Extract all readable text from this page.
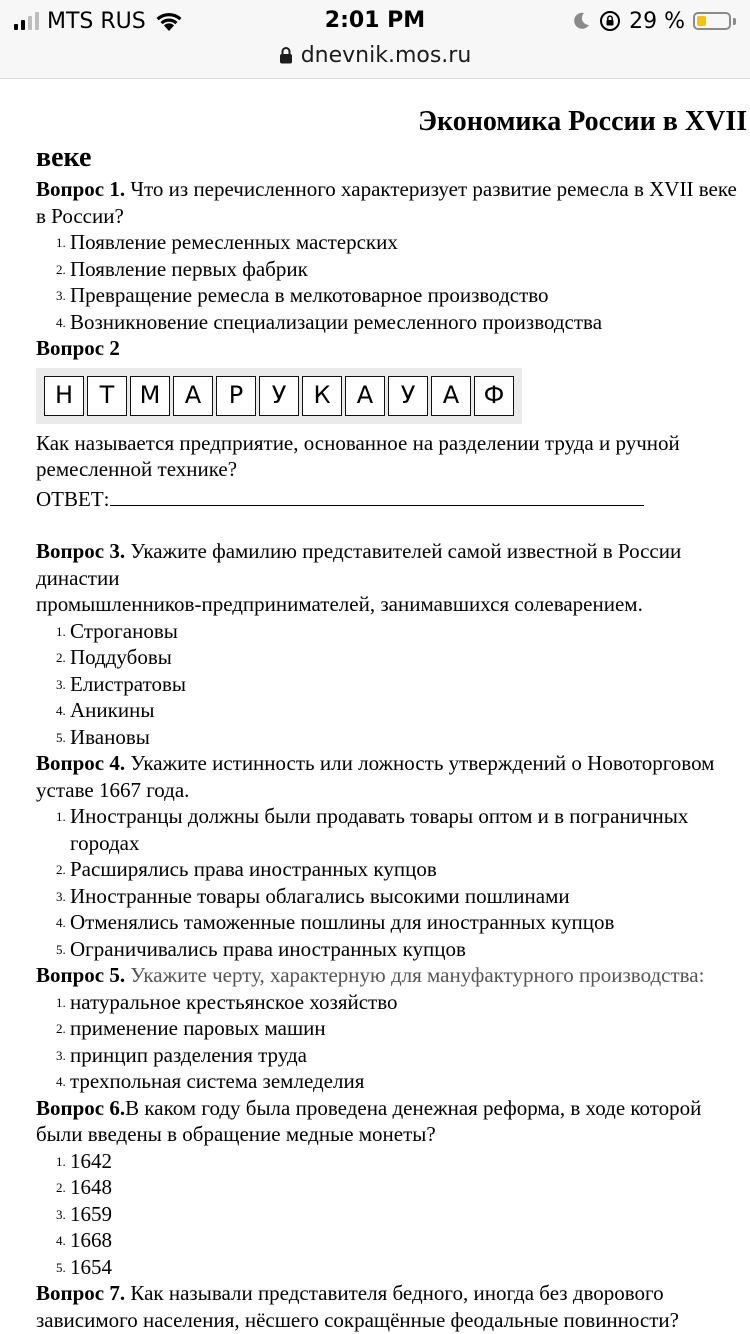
MTS RUS	2:01 PM	29 %
dnevnik.mos.ru
Экономика России в XVII веке

Вопрос 1. Что из перечисленного характеризует развитие ремесла в XVII веке в России?

1. Появление ремесленных мастерских
2. Появление первых фабрик
3. Превращение ремесла в мелкотоварное производство
4. Возникновение специализации ремесленного производства

Вопрос 2

Н	Т	М	А	Р	У	К	А	У	А	Ф

Как называется предприятие, основанное на разделении труда и ручной ремесленной технике?

ОТВЕТ:

Вопрос 3. Укажите фамилию представителей самой известной в России династии

промышленников-предпринимателей, занимавшихся солеварением.

1. Строгановы
2. Поддубовы
3. Елистратовы
4. Аникины
5. Ивановы

Вопрос 4. Укажите истинность или ложность утверждений о Новоторговом уставе 1667 года.

1. Иностранцы должны были продавать товары оптом и в пограничных городах
2. Расширялись права иностранных купцов
3. Иностранные товары облагались высокими пошлинами
4. Отменялись таможенные пошлины для иностранных купцов
5. Ограничивались права иностранных купцов

Вопрос 5. Укажите черту, характерную для мануфактурного производства:

1. натуральное крестьянское хозяйство
2. применение паровых машин
3. принцип разделения труда
4. трехпольная система земледелия

Вопрос 6.В каком году была проведена денежная реформа, в ходе которой были введены в обращение медные монеты?

1. 1642
2. 1648
3. 1659
4. 1668
5. 1654

Вопрос 7. Как называли представителя бедного, иногда без дворового зависимого населения, нёсшего сокращённые феодальные повинности?
